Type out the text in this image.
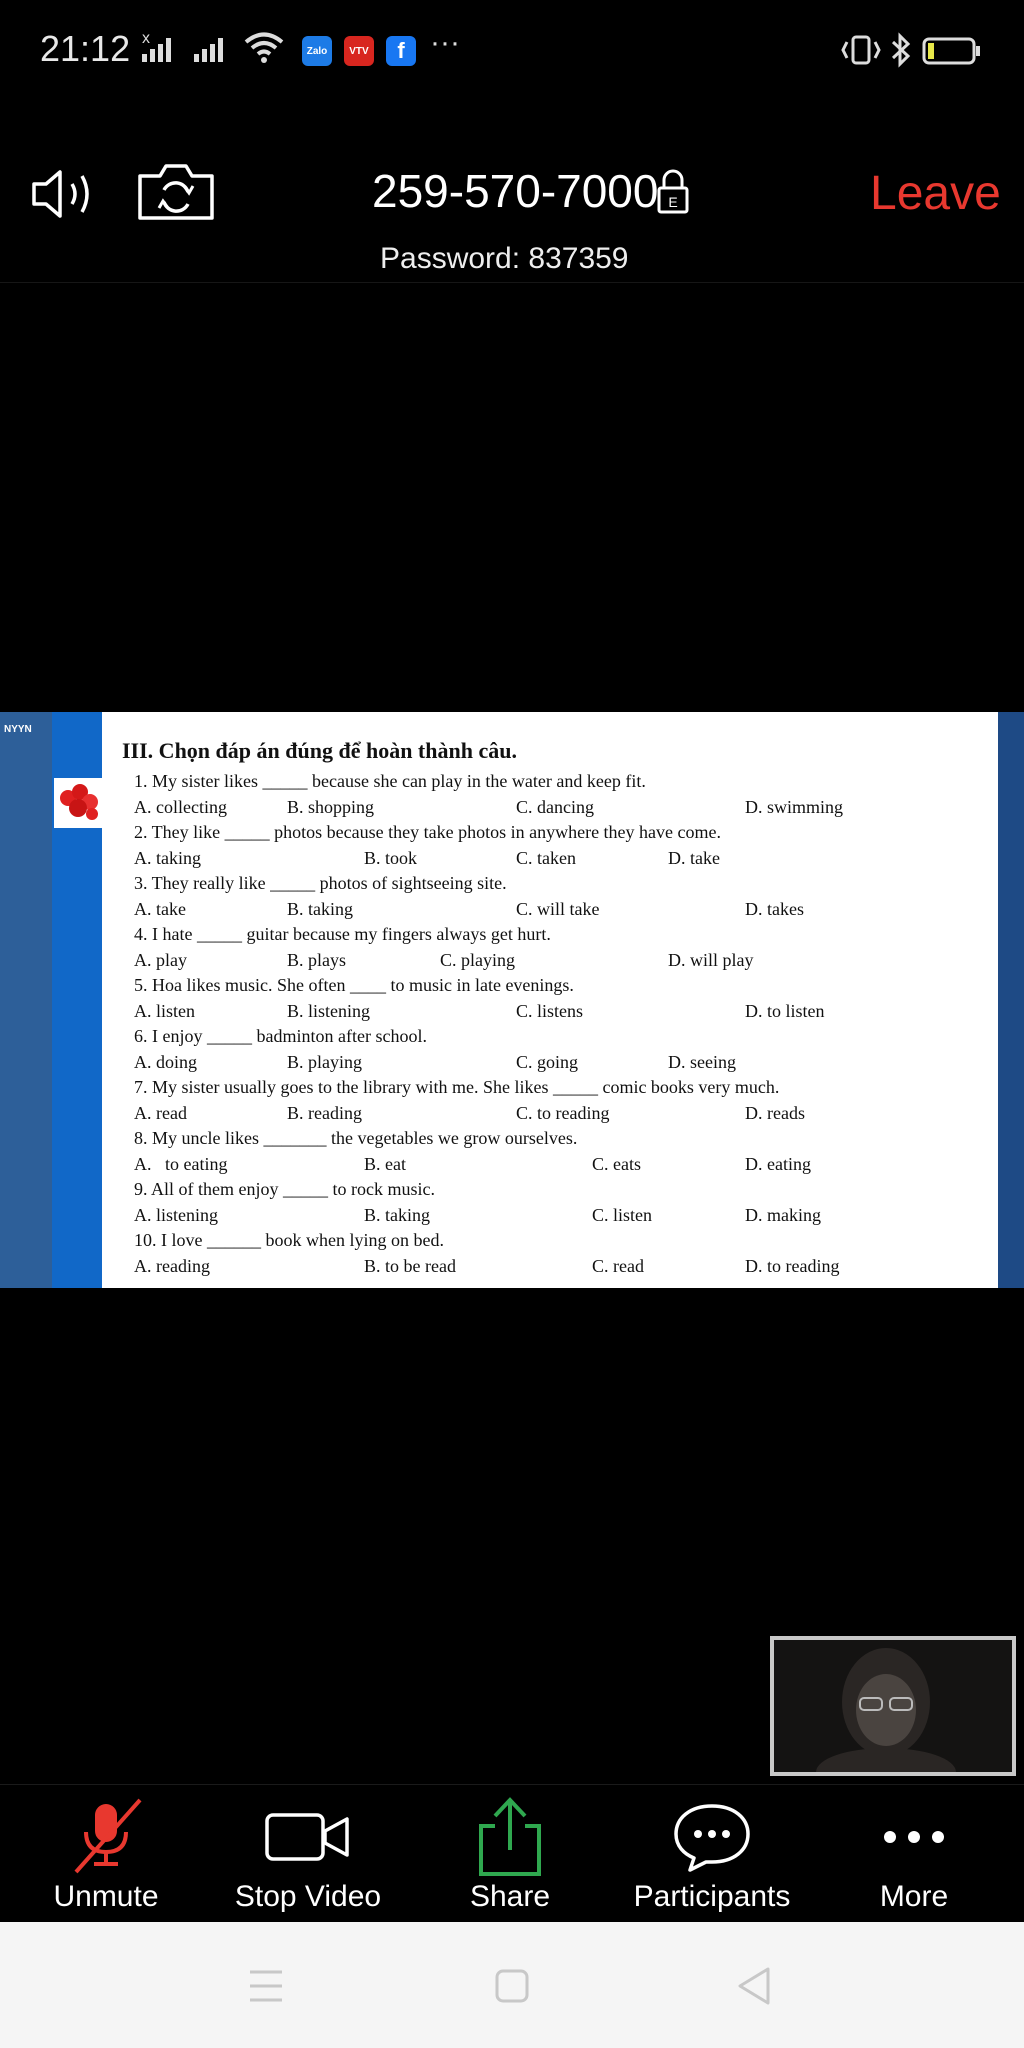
21:12 x
Zalo	VTV	f ···
259-570-7000 E	Leave
Password: 837359
NYYN
III. Chọn đáp án đúng để hoàn thành câu.
1. My sister likes _____ because she can play in the water and keep fit.
A. collecting	B. shopping	C. dancing	D. swimming
2. They like _____ photos because they take photos in anywhere they have come.
A. taking	B. took	C. taken	D. take
3. They really like _____ photos of sightseeing site.
A. take	B. taking	C. will take	D. takes
4. I hate _____ guitar because my fingers always get hurt.
A. play	B. plays	C. playing	D. will play
5. Hoa likes music. She often ____ to music in late evenings.
A. listen	B. listening	C. listens	D. to listen
6. I enjoy _____ badminton after school.
A. doing	B. playing	C. going	D. seeing
7. My sister usually goes to the library with me. She likes _____ comic books very much.
A. read	B. reading	C. to reading	D. reads
8. My uncle likes _______ the vegetables we grow ourselves.
A.   to eating	B. eat	C. eats	D. eating
9. All of them enjoy _____ to rock music.
A. listening	B. taking	C. listen	D. making
10. I love ______ book when lying on bed.
A. reading	B. to be read	C. read	D. to reading
Unmute	Stop Video	Share	Participants	More
